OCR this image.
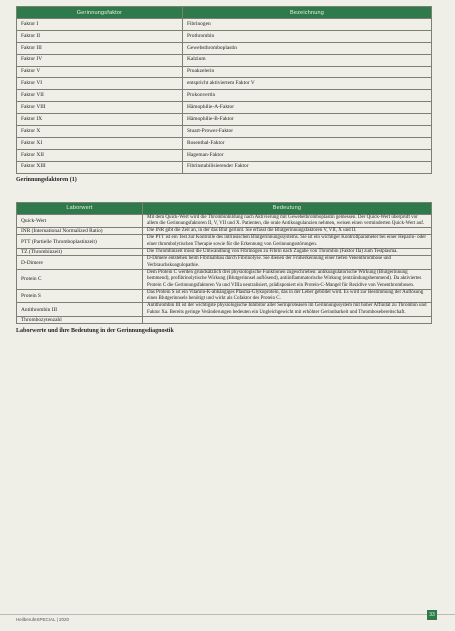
Gerinnungsfaktor	Bezeichnung
Faktor I	Fibrinogen
Faktor II	Prothrombin
Faktor III	Gewebsthromboplastin
Faktor IV	Kalzium
Faktor V	Proakzelerin
Faktor VI	entspricht aktiviertem Faktor V
Faktor VII	Prokonvertin
Faktor VIII	Hämophilie-A-Faktor
Faktor IX	Hämophilie-B-Faktor
Faktor X	Stuart-Prower-Faktor
Faktor XI	Rosenthal-Faktor
Faktor XII	Hageman-Faktor
Faktor XIII	Fibrinstabilisierender Faktor
Gerinnungsfaktoren (1)
Laborwert	Bedeutung
Quick-Wert	Mit dem Quick-Wert wird die Thrombinbildung nach Aktivierung mit Gewebethromboplastin gemessen. Der Quick-Wert überprüft vor allem die Gerinnungsfaktoren II, V, VII und X. Patienten, die orale Antikoagulanzien nehmen, weisen einen verminderten Quick-Wert auf.
INR (International Normalized Ratio)	Die INR gibt die Zeit an, in der das Blut gerinnt. Sie erfasst die Blutgerinnungsfaktoren V, VII, X und II.
PTT (Partielle Thromboplastinzeit)	Die PTT ist ein Test zur Kontrolle des intrinsischen Blutgerinnungssystems. Sie ist ein wichtiger Kontrollparameter bei einer Heparin- oder einer thrombolytischen Therapie sowie für die Erkennung von Gerinnungsstörungen.
TZ (Thrombinzeit)	Die Thrombinzeit misst die Umwandlung von Fibrinogen zu Fibrin nach Zugabe von Thrombin (Faktor IIa) zum Testplasma.
D-Dimere	D-Dimere entstehen beim Fibrinabbau durch Fibrinolyse. Sie dienen der Früherkennung einer tiefen Venenthrombose und Verbrauchskoagulopathie.
Protein C	Dem Protein C werden grundsätzlich drei physiologische Funktionen zugeschrieben: antikoagulatorische Wirkung (Blutgerinnung hemmend), profibrinolytische Wirkung (Blutgerinnsel auflösend), antiinflammatorische Wirkung (entzündungshemmend). Da aktiviertes Protein C die Gerinnungsfaktoren Va und VIIIa neutralisiert, prädisponiert ein Protein-C-Mangel für Rezidive von Venenthrombosen.
Protein S	Das Protein S ist ein Vitamin-K-abhängiges Plasma-Glykoprotein, das in der Leber gebildet wird. Es wird zur Bestimmung der Auflösung eines Blutgerinnsels benötigt und wirkt als Cofaktor des Protein C.
Antithrombin III	Antithrombin III ist der wichtigste physiologische Inhibitor aller Serinproteasen im Gerinnungssystem mit hoher Affinität zu Thrombin und Faktor Xa. Bereits geringe Veränderungen bedeuten ein Ungleichgewicht mit erhöhter Gerinnbarkeit und Thrombosebereitschaft.
Thrombozytenzahl	
Laborwerte und ihre Bedeutung in der Gerinnungsdiagnostik
HeilberufeSPECIAL | 2020
33
